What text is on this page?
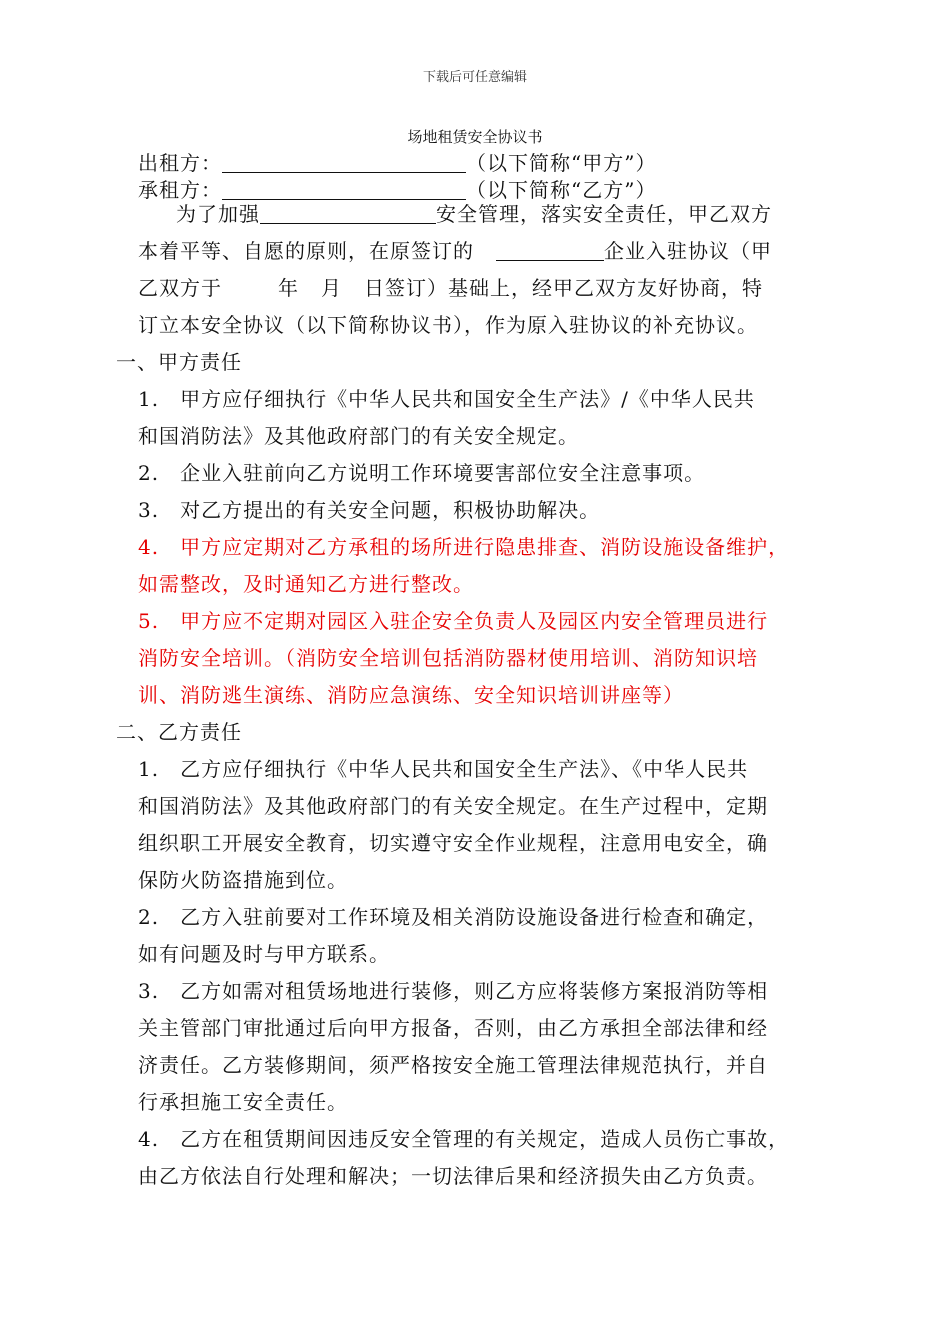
下载后可任意编辑
场地租赁安全协议书
出租方：	（以下简称“甲方”）
承租方：	（以下简称“乙方”）
为了加强	安全管理，落实安全责任，甲乙双方
本着平等、自愿的原则，在原签订的	企业入驻协议（甲
乙双方于	年 月 日签订）基础上，经甲乙双方友好协商，特
订立本安全协议（以下简称协议书），作为原入驻协议的补充协议。
一、甲方责任
1.　甲方应仔细执行《中华人民共和国安全生产法》/《中华人民共
和国消防法》及其他政府部门的有关安全规定。
2.　企业入驻前向乙方说明工作环境要害部位安全注意事项。
3.　对乙方提出的有关安全问题，积极协助解决。
4.　甲方应定期对乙方承租的场所进行隐患排查、消防设施设备维护，
如需整改，及时通知乙方进行整改。
5.　甲方应不定期对园区入驻企安全负责人及园区内安全管理员进行
消防安全培训。（消防安全培训包括消防器材使用培训、消防知识培
训、消防逃生演练、消防应急演练、安全知识培训讲座等）
二、乙方责任
1.　乙方应仔细执行《中华人民共和国安全生产法》、《中华人民共
和国消防法》及其他政府部门的有关安全规定。在生产过程中，定期
组织职工开展安全教育，切实遵守安全作业规程，注意用电安全，确
保防火防盗措施到位。
2.　乙方入驻前要对工作环境及相关消防设施设备进行检查和确定，
如有问题及时与甲方联系。
3.　乙方如需对租赁场地进行装修，则乙方应将装修方案报消防等相
关主管部门审批通过后向甲方报备，否则，由乙方承担全部法律和经
济责任。乙方装修期间，须严格按安全施工管理法律规范执行，并自
行承担施工安全责任。
4.　乙方在租赁期间因违反安全管理的有关规定，造成人员伤亡事故，
由乙方依法自行处理和解决；一切法律后果和经济损失由乙方负责。
